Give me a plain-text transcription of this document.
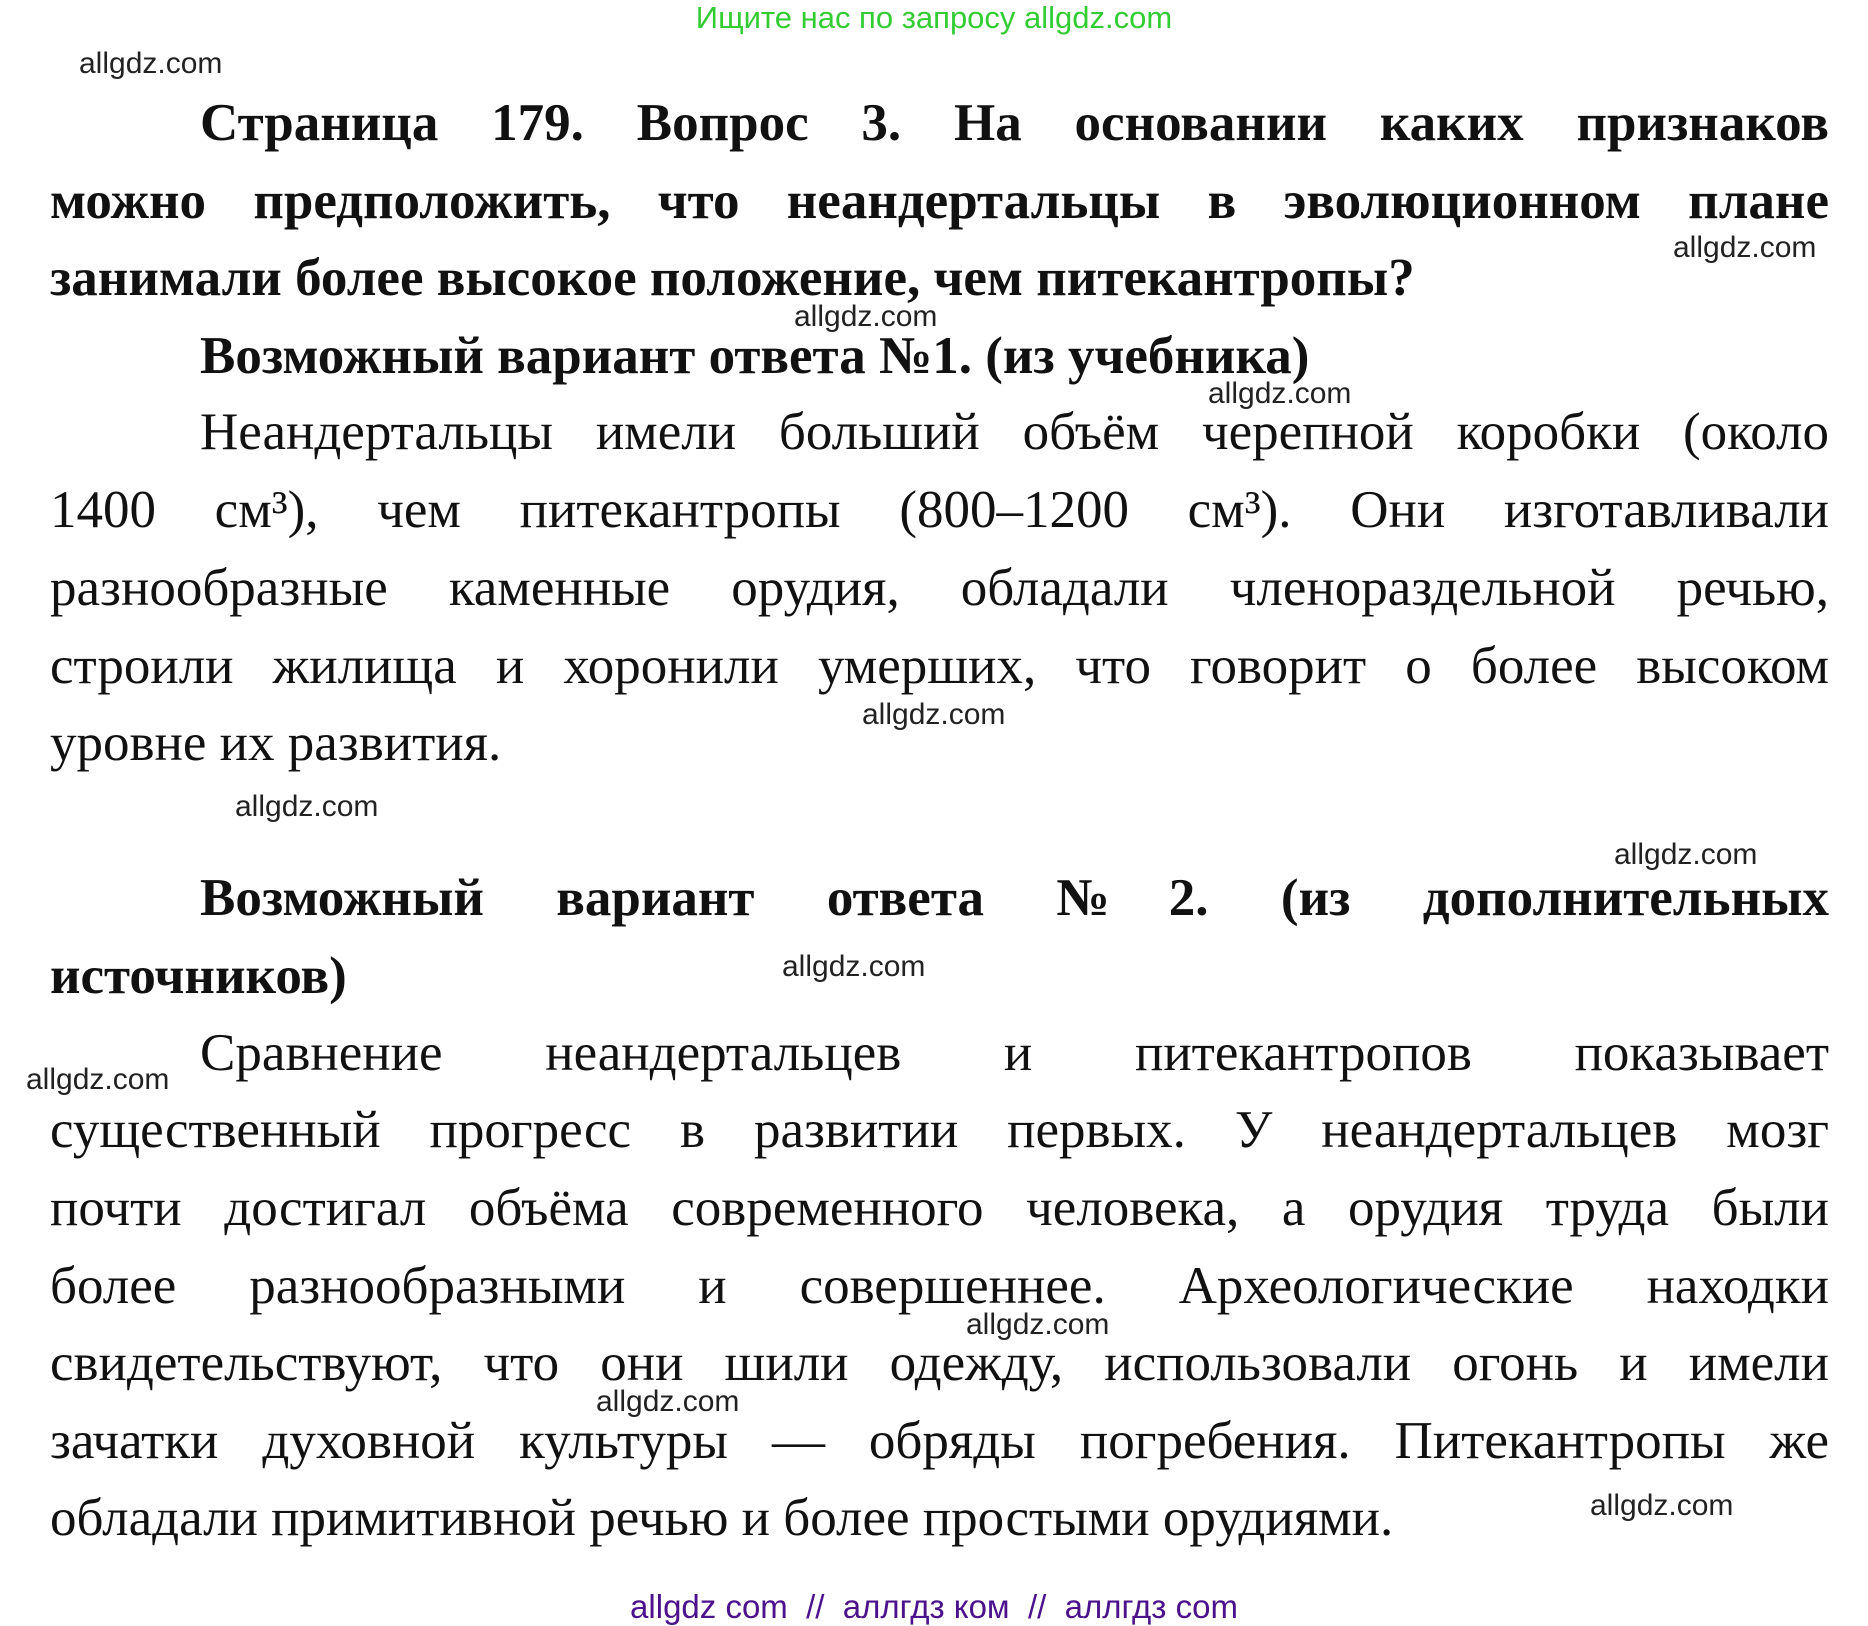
Ищите нас по запросу allgdz.com
Страница 179. Вопрос 3. На основании каких признаков
можно предположить, что неандертальцы в эволюционном плане
занимали более высокое положение, чем питекантропы?
Возможный вариант ответа №1. (из учебника)
Неандертальцы имели больший объём черепной коробки (около
1400 см³), чем питекантропы (800–1200 см³). Они изготавливали
разнообразные каменные орудия, обладали членораздельной речью,
строили жилища и хоронили умерших, что говорит о более высоком
уровне их развития.
Возможный вариант ответа №2. (из дополнительных
источников)
Сравнение неандертальцев и питекантропов показывает
существенный прогресс в развитии первых. У неандертальцев мозг
почти достигал объёма современного человека, а орудия труда были
более разнообразными и совершеннее. Археологические находки
свидетельствуют, что они шили одежду, использовали огонь и имели
зачатки духовной культуры — обряды погребения. Питекантропы же
обладали примитивной речью и более простыми орудиями.
allgdz.com
allgdz.com
allgdz.com
allgdz.com
allgdz.com
allgdz.com
allgdz.com
allgdz.com
allgdz.com
allgdz.com
allgdz.com
allgdz.com
allgdz com  //  аллгдз ком  //  аллгдз com
